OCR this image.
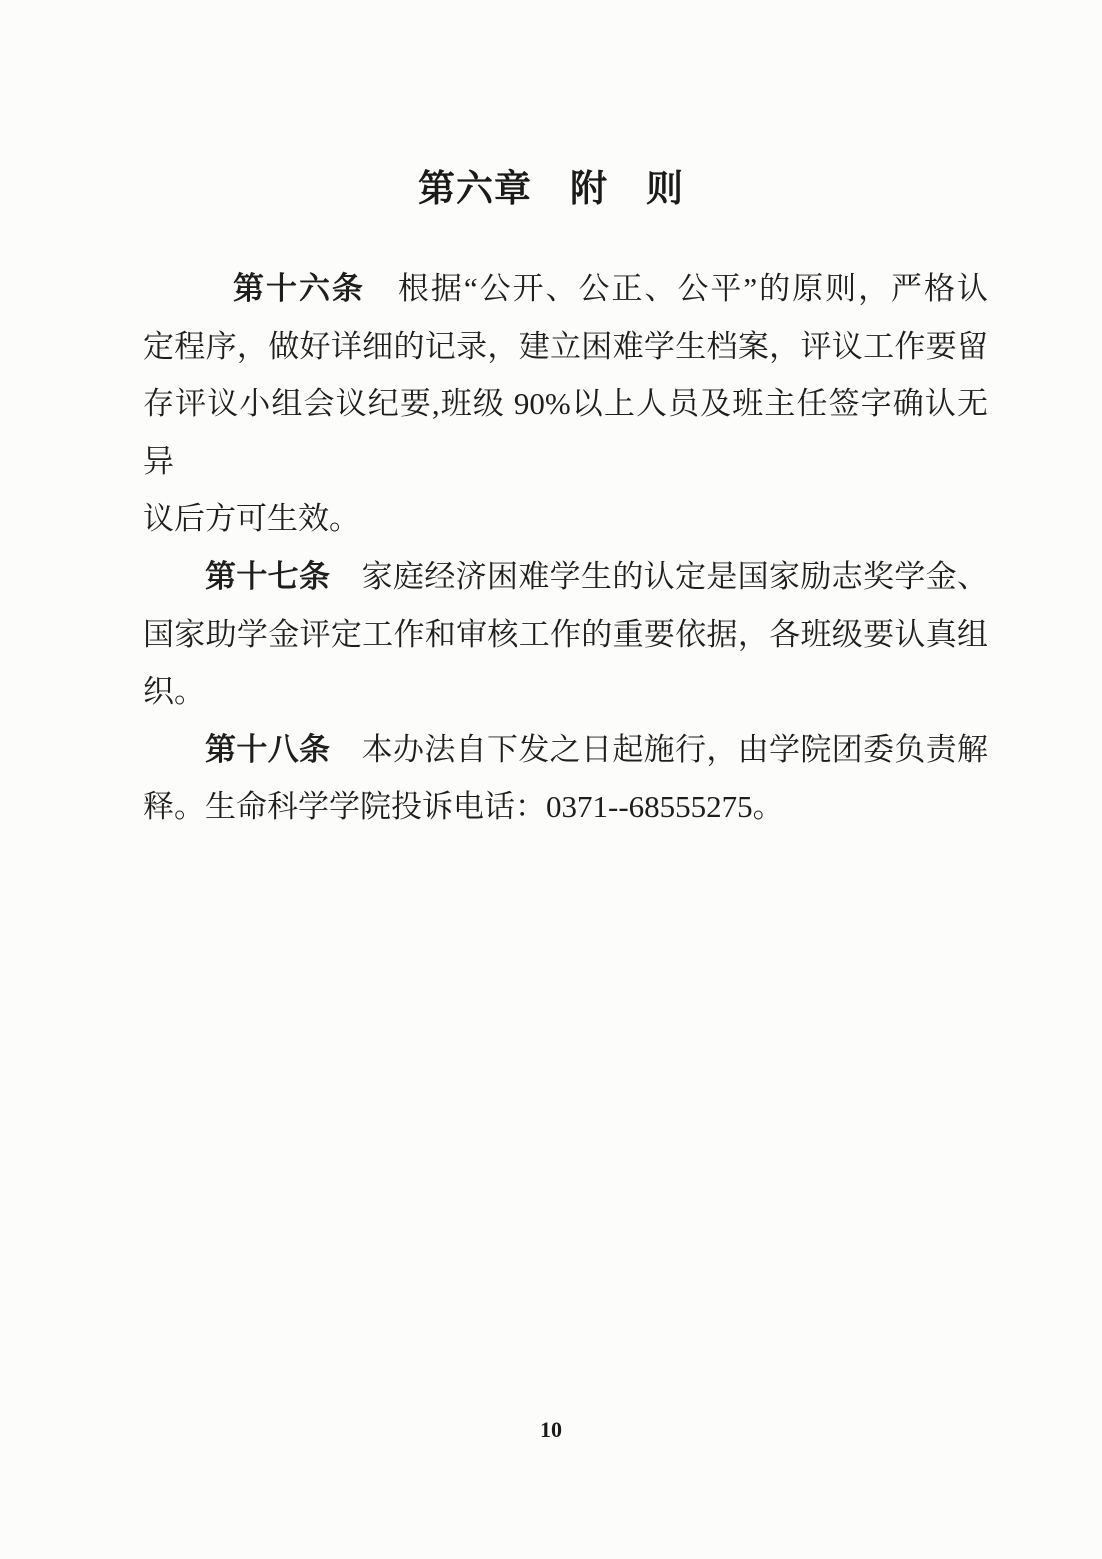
第六章　附　则
第十六条　根据“公开、公正、公平”的原则，严格认
定程序，做好详细的记录，建立困难学生档案，评议工作要留
存评议小组会议纪要,班级 90%以上人员及班主任签字确认无异
议后方可生效。
第十七条　家庭经济困难学生的认定是国家励志奖学金、
国家助学金评定工作和审核工作的重要依据，各班级要认真组
织。
第十八条　本办法自下发之日起施行，由学院团委负责解
释。生命科学学院投诉电话：0371--68555275。
10
